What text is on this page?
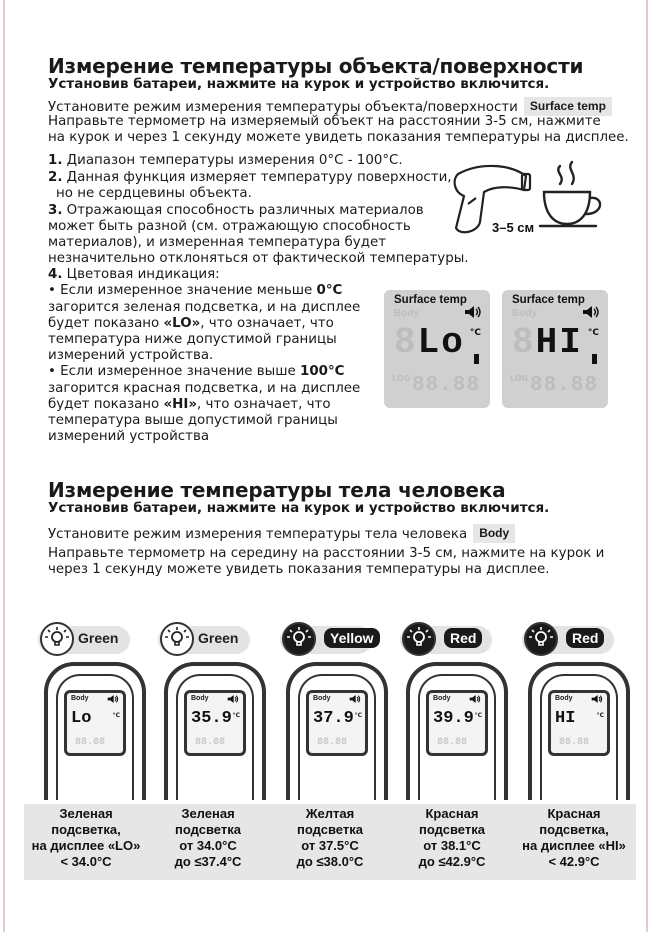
Измерение температуры объекта/поверхности
Установив батареи, нажмите на курок и устройство включится.
Установите режим измерения температуры объекта/поверхности Surface temp
Направьте термометр на измеряемый объект на расстоянии 3-5 см, нажмите
на курок и через 1 секунду можете увидеть показания температуры на дисплее.
1. Диапазон температуры измерения 0°C - 100°C.
2. Данная функция измеряет температуру поверхности,
но не сердцевины объекта.
3. Отражающая способность различных материалов
может быть разной (см. отражающую способность
материалов), и измеренная температура будет
незначительно отклоняться от фактической температуры.
4. Цветовая индикация:
• Если измеренное значение меньше 0°C
загорится зеленая подсветка, и на дисплее
будет показано «LO», что означает, что
температура ниже допустимой границы
измерений устройства.
• Если измеренное значение выше 100°C
загорится красная подсветка, и на дисплее
будет показано «HI», что означает, что
температура выше допустимой границы
измерений устройства
3–5 см
Surface temp
Body
8Lo °C
LOG 88.88
Surface temp
Body
8HI °C
LOG 88.88
Измерение температуры тела человека
Установив батареи, нажмите на курок и устройство включится.
Установите режим измерения температуры тела человека Body
Направьте термометр на середину на расстоянии 3-5 см, нажмите на курок и
через 1 секунду можете увидеть показания температуры на дисплее.
Green
Body
Lo	°C
88.88
Зеленая
подсветка,
на дисплее «LO»
< 34.0°C
Green
Body
35.9 °C
88.88
Зеленая
подсветка
от 34.0°C
до ≤37.4°C
Yellow
Body
37.9 °C
88.88
Желтая
подсветка
от 37.5°C
до ≤38.0°C
Red
Body
39.9 °C
88.88
Красная
подсветка
от 38.1°C
до ≤42.9°C
Red
Body
HI	°C
88.88
Красная
подсветка,
на дисплее «HI»
< 42.9°C
